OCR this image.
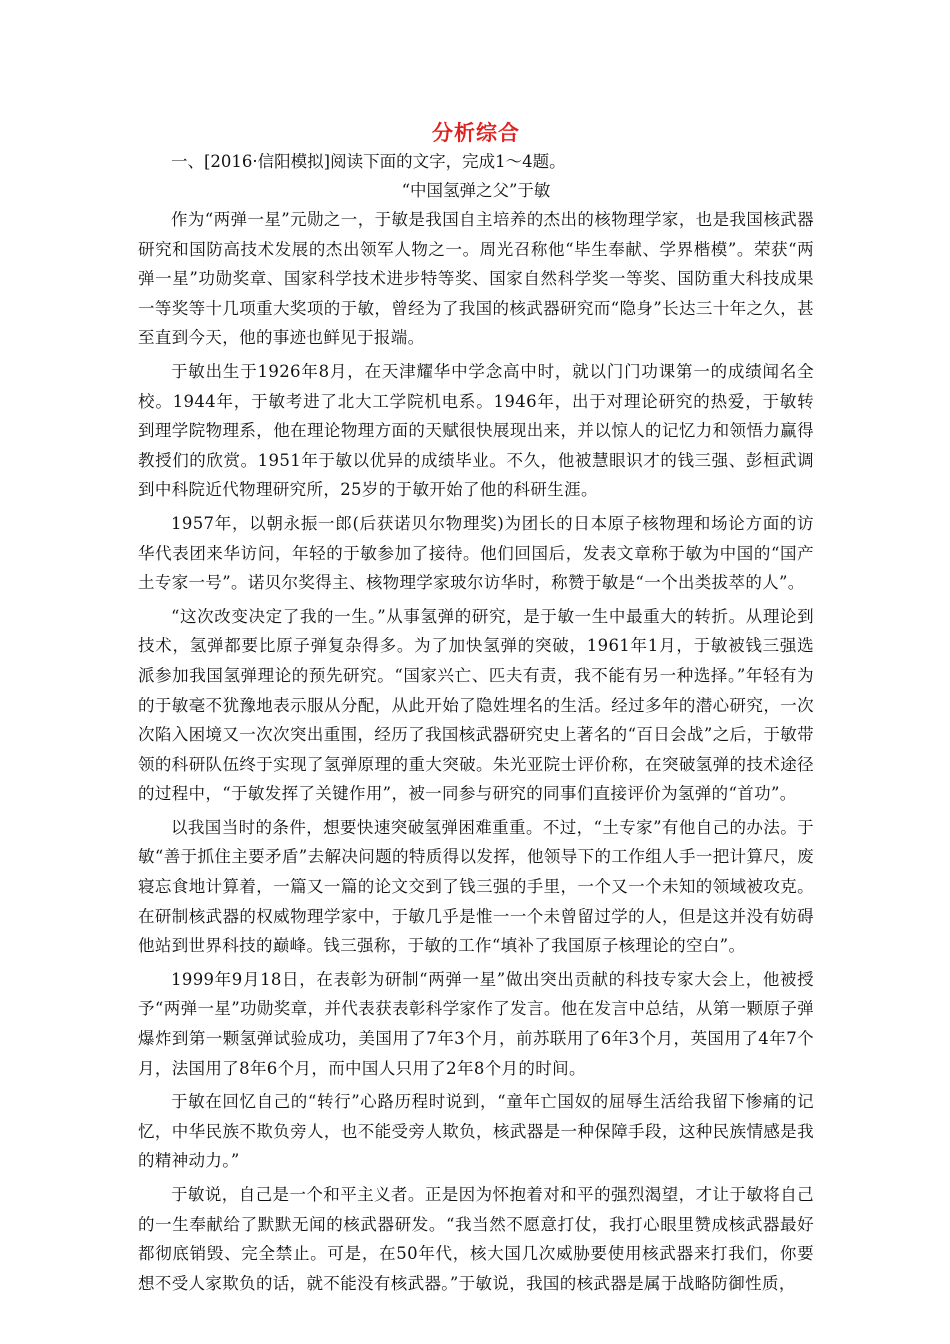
分析综合

一、[2016·信阳模拟]阅读下面的文字，完成1～4题。

“中国氢弹之父”于敏

作为“两弹一星”元勋之一，于敏是我国自主培养的杰出的核物理学家，也是我国核武器研究和国防高技术发展的杰出领军人物之一。周光召称他“毕生奉献、学界楷模”。荣获“两弹一星”功勋奖章、国家科学技术进步特等奖、国家自然科学奖一等奖、国防重大科技成果一等奖等十几项重大奖项的于敏，曾经为了我国的核武器研究而“隐身”长达三十年之久，甚至直到今天，他的事迹也鲜见于报端。

于敏出生于1926年8月，在天津耀华中学念高中时，就以门门功课第一的成绩闻名全校。1944年，于敏考进了北大工学院机电系。1946年，出于对理论研究的热爱，于敏转到理学院物理系，他在理论物理方面的天赋很快展现出来，并以惊人的记忆力和领悟力赢得教授们的欣赏。1951年于敏以优异的成绩毕业。不久，他被慧眼识才的钱三强、彭桓武调到中科院近代物理研究所，25岁的于敏开始了他的科研生涯。

1957年，以朝永振一郎(后获诺贝尔物理奖)为团长的日本原子核物理和场论方面的访华代表团来华访问，年轻的于敏参加了接待。他们回国后，发表文章称于敏为中国的“国产土专家一号”。诺贝尔奖得主、核物理学家玻尔访华时，称赞于敏是“一个出类拔萃的人”。

“这次改变决定了我的一生。”从事氢弹的研究，是于敏一生中最重大的转折。从理论到技术，氢弹都要比原子弹复杂得多。为了加快氢弹的突破，1961年1月，于敏被钱三强选派参加我国氢弹理论的预先研究。“国家兴亡、匹夫有责，我不能有另一种选择。”年轻有为的于敏毫不犹豫地表示服从分配，从此开始了隐姓埋名的生活。经过多年的潜心研究，一次次陷入困境又一次次突出重围，经历了我国核武器研究史上著名的“百日会战”之后，于敏带领的科研队伍终于实现了氢弹原理的重大突破。朱光亚院士评价称，在突破氢弹的技术途径的过程中，“于敏发挥了关键作用”，被一同参与研究的同事们直接评价为氢弹的“首功”。

以我国当时的条件，想要快速突破氢弹困难重重。不过，“土专家”有他自己的办法。于敏“善于抓住主要矛盾”去解决问题的特质得以发挥，他领导下的工作组人手一把计算尺，废寝忘食地计算着，一篇又一篇的论文交到了钱三强的手里，一个又一个未知的领域被攻克。在研制核武器的权威物理学家中，于敏几乎是惟一一个未曾留过学的人，但是这并没有妨碍他站到世界科技的巅峰。钱三强称，于敏的工作“填补了我国原子核理论的空白”。

1999年9月18日，在表彰为研制“两弹一星”做出突出贡献的科技专家大会上，他被授予“两弹一星”功勋奖章，并代表获表彰科学家作了发言。他在发言中总结，从第一颗原子弹爆炸到第一颗氢弹试验成功，美国用了7年3个月，前苏联用了6年3个月，英国用了4年7个月，法国用了8年6个月，而中国人只用了2年8个月的时间。

于敏在回忆自己的“转行”心路历程时说到，“童年亡国奴的屈辱生活给我留下惨痛的记忆，中华民族不欺负旁人，也不能受旁人欺负，核武器是一种保障手段，这种民族情感是我的精神动力。”

于敏说，自己是一个和平主义者。正是因为怀抱着对和平的强烈渴望，才让于敏将自己的一生奉献给了默默无闻的核武器研发。“我当然不愿意打仗，我打心眼里赞成核武器最好都彻底销毁、完全禁止。可是，在50年代，核大国几次威胁要使用核武器来打我们，你要想不受人家欺负的话，就不能没有核武器。”于敏说，我国的核武器是属于战略防御性质，
